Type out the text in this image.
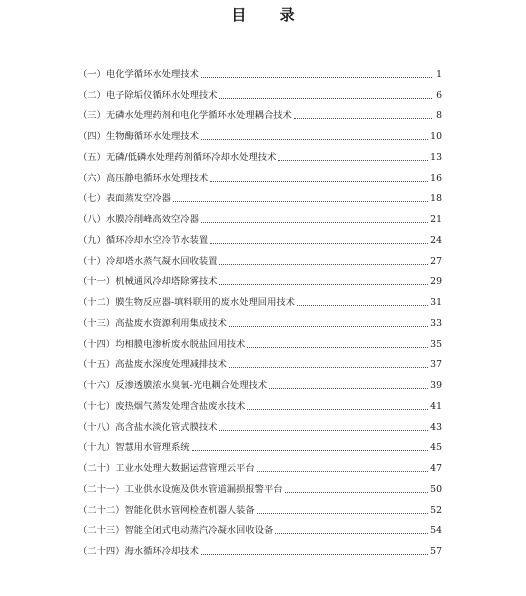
目 录
（一）电化学循环水处理技术	1
（二）电子除垢仪循环水处理技术	6
（三）无磷水处理药剂和电化学循环水处理耦合技术	8
（四）生物酶循环水处理技术	10
（五）无磷/低磷水处理药剂循环冷却水处理技术	13
（六）高压静电循环水处理技术	16
（七）表面蒸发空冷器	18
（八）水膜冷削峰高效空冷器	21
（九）循环冷却水空冷节水装置	24
（十）冷却塔水蒸气凝水回收装置	27
（十一）机械通风冷却塔除雾技术	29
（十二）膜生物反应器-填料联用的废水处理回用技术	31
（十三）高盐废水资源利用集成技术	33
（十四）均相膜电渗析废水脱盐回用技术	35
（十五）高盐废水深度处理减排技术	37
（十六）反渗透膜浓水臭氧-光电耦合处理技术	39
（十七）废热烟气蒸发处理含盐废水技术	41
（十八）高含盐水淡化管式膜技术	43
（十九）智慧用水管理系统	45
（二十）工业水处理大数据运营管理云平台	47
（二十一）工业供水设施及供水管道漏损报警平台	50
（二十二）智能化供水管网检查机器人装备	52
（二十三）智能全闭式电动蒸汽冷凝水回收设备	54
（二十四）海水循环冷却技术	57
